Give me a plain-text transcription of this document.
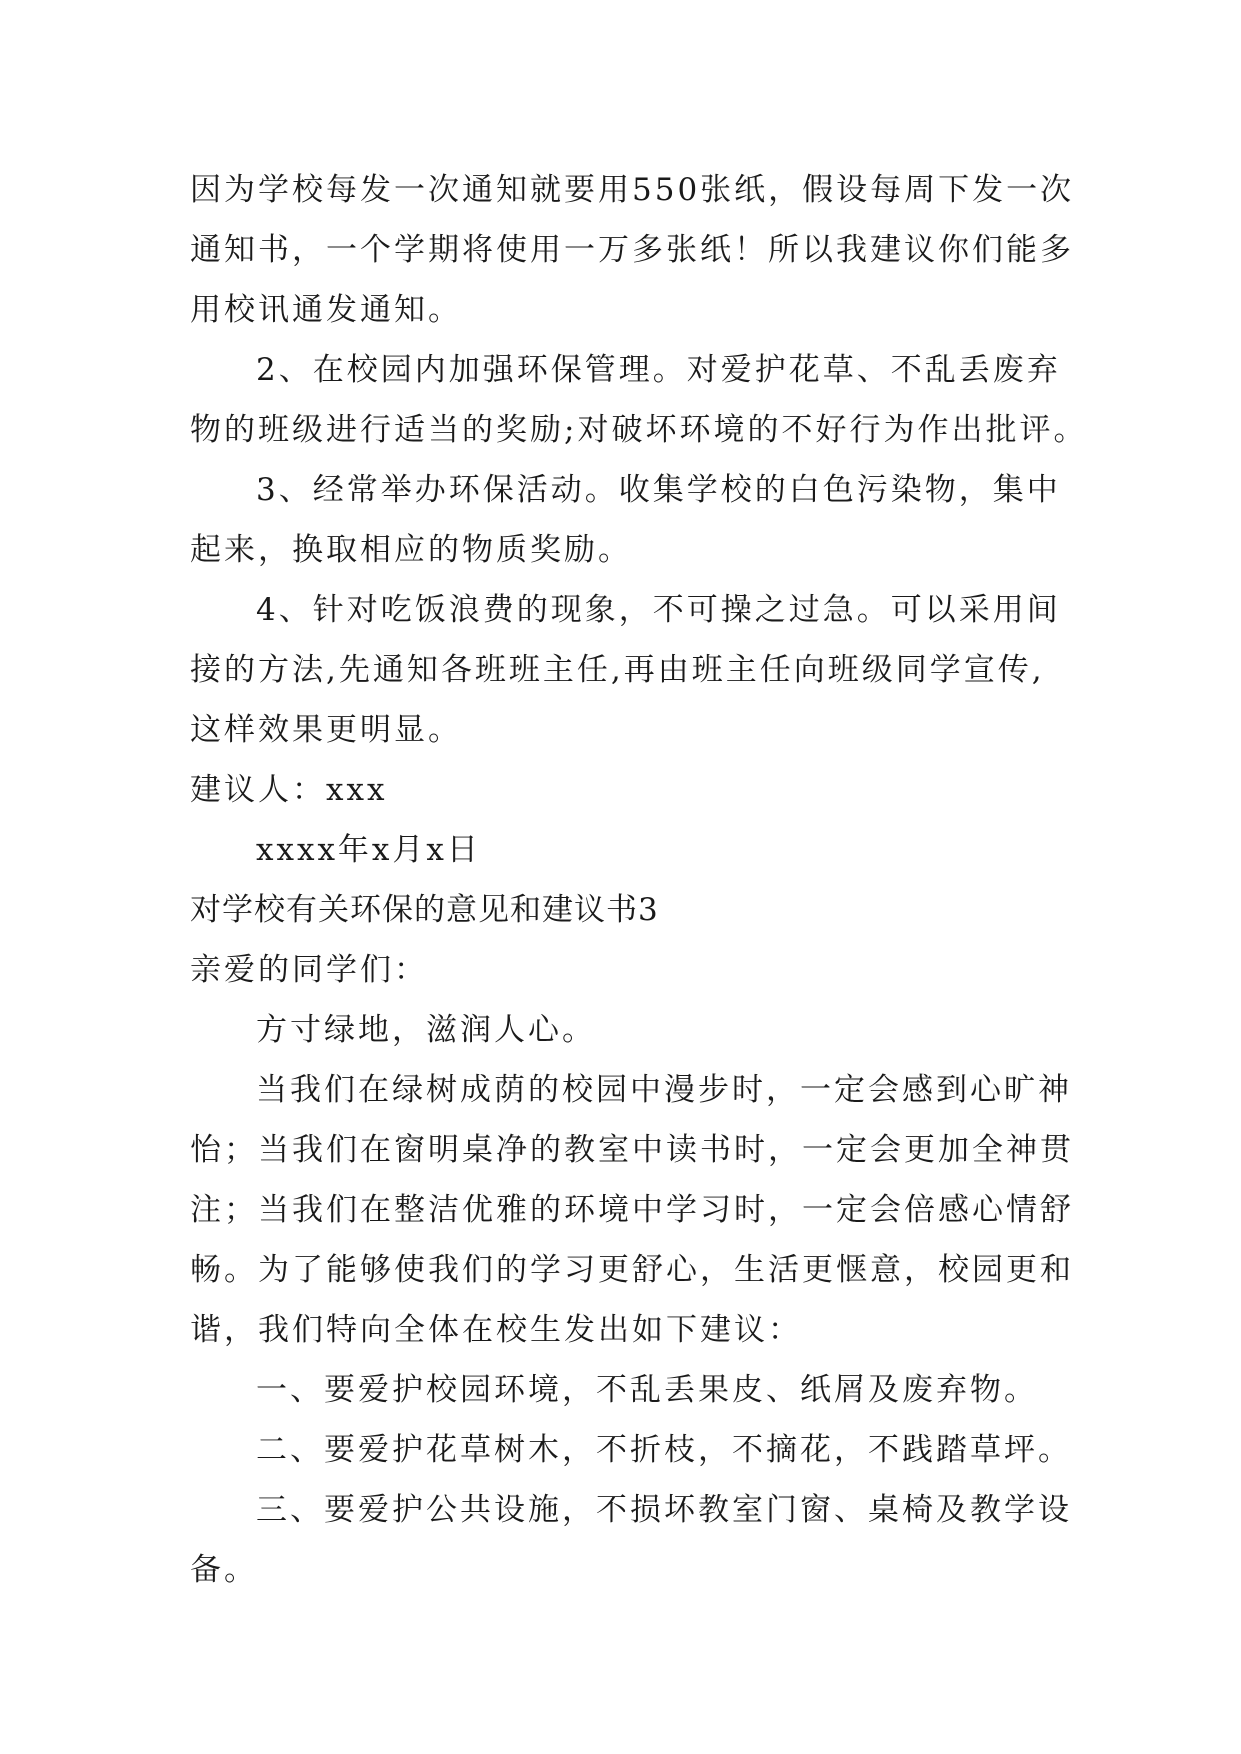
因为学校每发一次通知就要用550张纸，假设每周下发一次
通知书，一个学期将使用一万多张纸！所以我建议你们能多
用校讯通发通知。
2、在校园内加强环保管理。对爱护花草、不乱丢废弃
物的班级进行适当的奖励;对破坏环境的不好行为作出批评。
3、经常举办环保活动。收集学校的白色污染物，集中
起来，换取相应的物质奖励。
4、针对吃饭浪费的现象，不可操之过急。可以采用间
接的方法,先通知各班班主任,再由班主任向班级同学宣传,
这样效果更明显。
建议人：xxx
xxxx年x月x日
对学校有关环保的意见和建议书3
亲爱的同学们：
方寸绿地，滋润人心。
当我们在绿树成荫的校园中漫步时，一定会感到心旷神
怡；当我们在窗明桌净的教室中读书时，一定会更加全神贯
注；当我们在整洁优雅的环境中学习时，一定会倍感心情舒
畅。为了能够使我们的学习更舒心，生活更惬意，校园更和
谐，我们特向全体在校生发出如下建议：
一、要爱护校园环境，不乱丢果皮、纸屑及废弃物。
二、要爱护花草树木，不折枝，不摘花，不践踏草坪。
三、要爱护公共设施，不损坏教室门窗、桌椅及教学设
备。
